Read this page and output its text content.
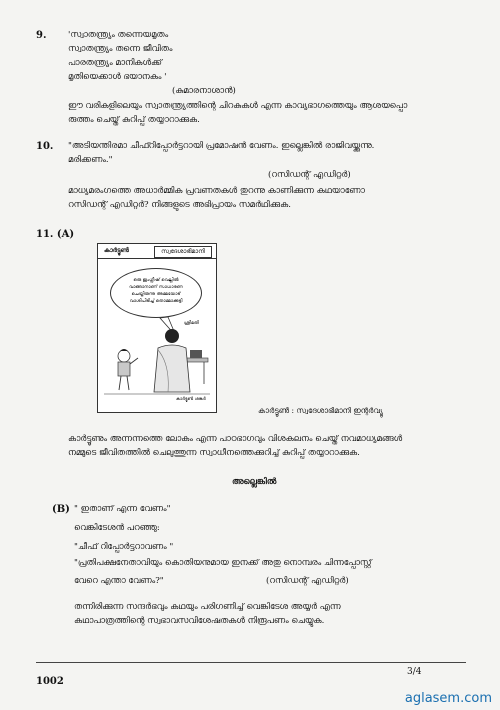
9.	'സ്വാതന്ത്ര്യം തന്നെയമൃതം
സ്വാതന്ത്ര്യം തന്നെ ജീവിതം
പാരതന്ത്ര്യം മാനികൾക്ക്
മൃതിയെക്കാൾ ഭയാനകം '
(കുമാരനാശാൻ)
ഈ വരികളിലെയും സ്വാതന്ത്ര്യത്തിന്റെ ചിറകുകൾ എന്ന കാവ്യഭാഗത്തെയും ആശയപ്പൊ
രുത്തം ചെയ്ത് കുറിപ്പ് തയ്യാറാക്കുക.
10. "അടിയന്തിരമാ ചീഫ്റിപ്പോർട്ടറായി പ്രമോഷൻ വേണം. ഇല്ലെങ്കിൽ രാജിവയ്ക്കുന്നു.
മരിക്കണം."
(റസിഡന്റ് എഡിറ്റർ)
മാധ്യമരംഗത്തെ അധാർമ്മിക പ്രവണതകൾ തുറന്നു കാണിക്കുന്ന കഥയാണോ
റസിഡന്റ് എഡിറ്റർ? നിങ്ങളുടെ അഭിപ്രായം സമർഥിക്കുക.
11. (A)
കാർട്ടൂൺ	സ്വദേശാഭിമാനി
ഒരു ഇംഗ്ലീഷ് വെല്ലിൽ
വാങ്ങാനാണ് സാധാരണ
ചെയ്തിരുന്നു അമ്മയോട്
വാശിപിടിച്ച് തൊമ്മാക്കുട്ടി
ശ്രീമതി
കാർട്ടൂൺ ശങ്കർ
കാർട്ടൂൺ : സ്വദേശാഭിമാനി ഇന്റർവ്യൂ
കാർട്ടൂണും അന്നന്നത്തെ ലോകം എന്ന പാഠഭാഗവും വിശകലനം ചെയ്ത് നവമാധ്യമങ്ങൾ
നമ്മുടെ ജീവിതത്തിൽ ചെലുത്തുന്ന സ്വാധീനത്തെക്കുറിച്ച് കുറിപ്പ് തയ്യാറാക്കുക.
അല്ലെങ്കിൽ
(B) " ഇതാണ് എന്ന വേണം"
വെങ്കിടേശൻ പറഞ്ഞു:
"ചീഫ് റിപ്പോർട്ടറാവണം "
"പ്രതിപക്ഷനേതാവിയും കൊതിയനുമായ ഇനക്ക് അതു നൊമ്പരം ചിന്നപ്പോസ്റ്റ്
വേറെ എന്താ വേണം?"	(റസിഡന്റ് എഡിറ്റർ)
തന്നിരിക്കുന്ന സന്ദർഭവും കഥയും പരിഗണിച്ച് വെങ്കിടേശ അയ്യർ എന്ന
കഥാപാത്രത്തിന്റെ സ്വഭാവസവിശേഷതകൾ നിരൂപണം ചെയ്യുക.
3/4
1002
aglasem.com
